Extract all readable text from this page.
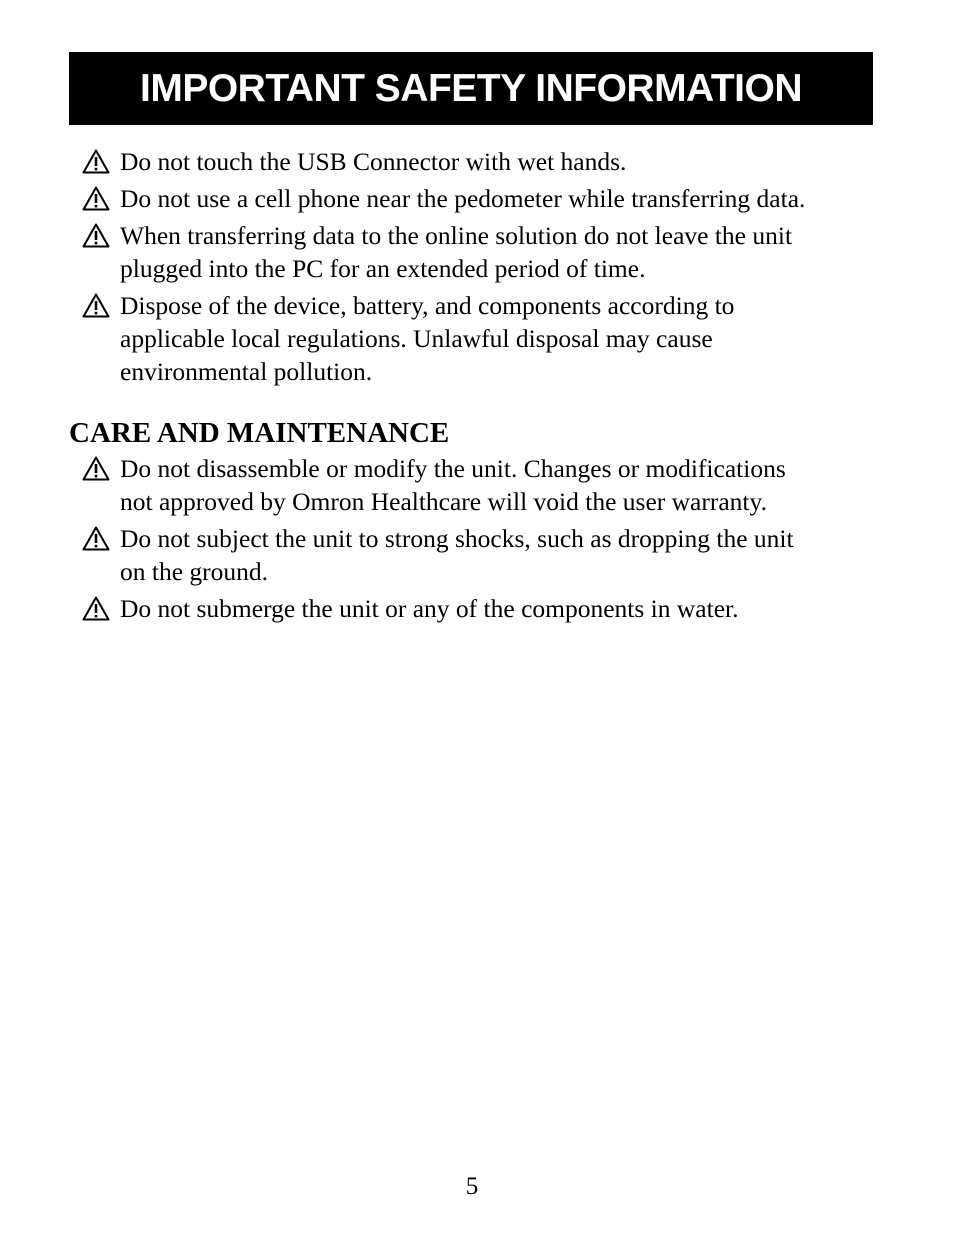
IMPORTANT SAFETY INFORMATION
Do not touch the USB Connector with wet hands.
Do not use a cell phone near the pedometer while transferring data.
When transferring data to the online solution do not leave the unit
plugged into the PC for an extended period of time.
Dispose of the device, battery, and components according to
applicable local regulations. Unlawful disposal may cause
environmental pollution.
CARE AND MAINTENANCE
Do not disassemble or modify the unit. Changes or modifications
not approved by Omron Healthcare will void the user warranty.
Do not subject the unit to strong shocks, such as dropping the unit
on the ground.
Do not submerge the unit or any of the components in water.
5
